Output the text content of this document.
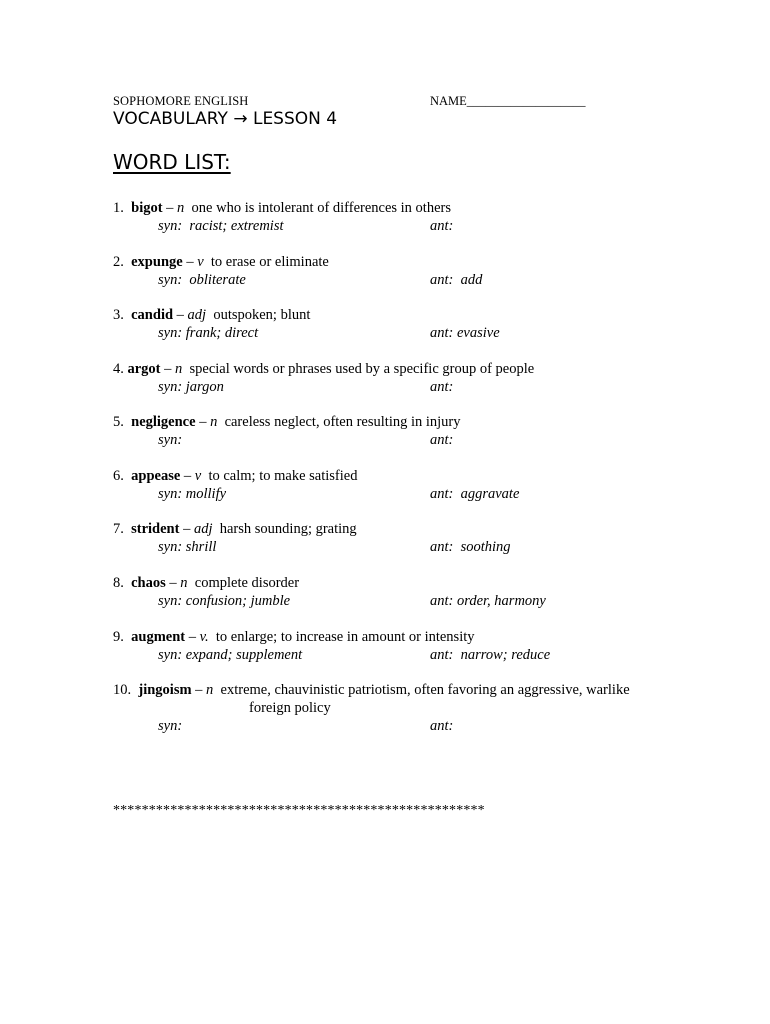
SOPHOMORE ENGLISH	NAME___________________
VOCABULARY → LESSON 4
WORD LIST:
1. bigot – n one who is intolerant of differences in others
syn:  racist; extremist	ant:
2. expunge – v to erase or eliminate
syn:  obliterate	ant:  add
3. candid – adj outspoken; blunt
syn: frank; direct	ant: evasive
4. argot – n special words or phrases used by a specific group of people
syn: jargon	ant:
5. negligence – n careless neglect, often resulting in injury
syn:	ant:
6. appease – v to calm; to make satisfied
syn: mollify	ant:  aggravate
7. strident – adj harsh sounding; grating
syn: shrill	ant:  soothing
8. chaos – n complete disorder
syn: confusion; jumble	ant: order, harmony
9. augment – v. to enlarge; to increase in amount or intensity
syn: expand; supplement	ant:  narrow; reduce
10. jingoism – n extreme, chauvinistic patriotism, often favoring an aggressive, warlike
foreign policy
syn:	ant:
****************************************************
